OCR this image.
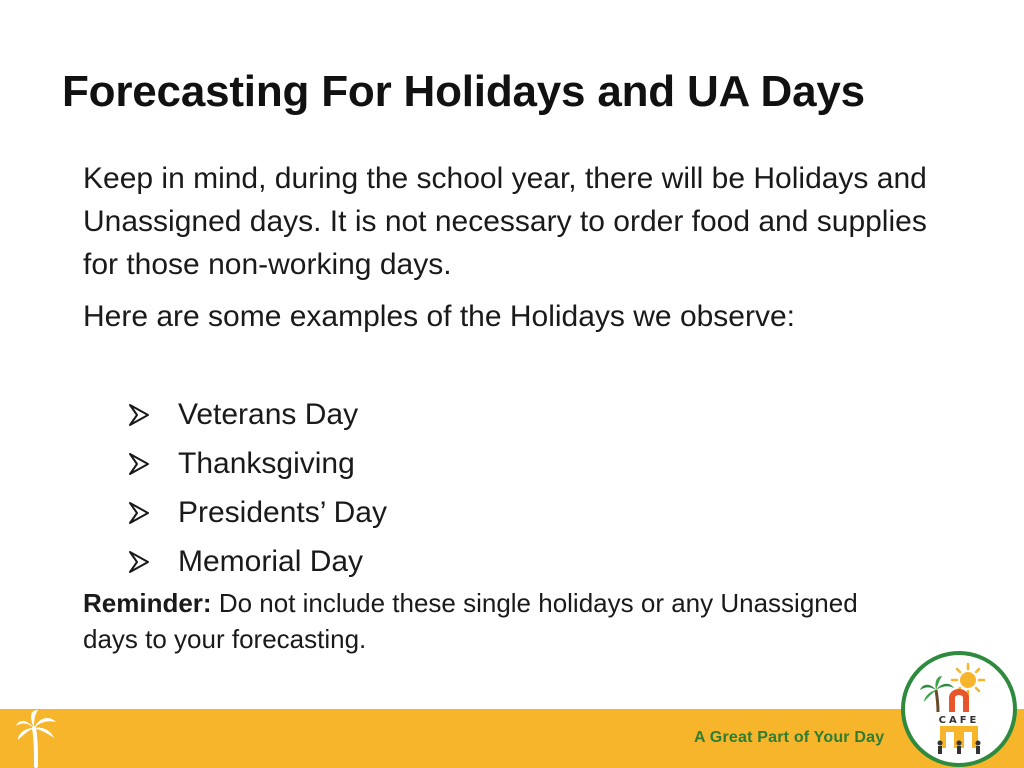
Forecasting For Holidays and UA Days

Keep in mind, during the school year, there will be Holidays and Unassigned days. It is not necessary to order food and supplies for those non-working days.

Here are some examples of the Holidays we observe:

Veterans Day
Thanksgiving
Presidents’ Day
Memorial Day

Reminder: Do not include these single holidays or any Unassigned days to your forecasting.

A Great Part of Your Day
CAFE
